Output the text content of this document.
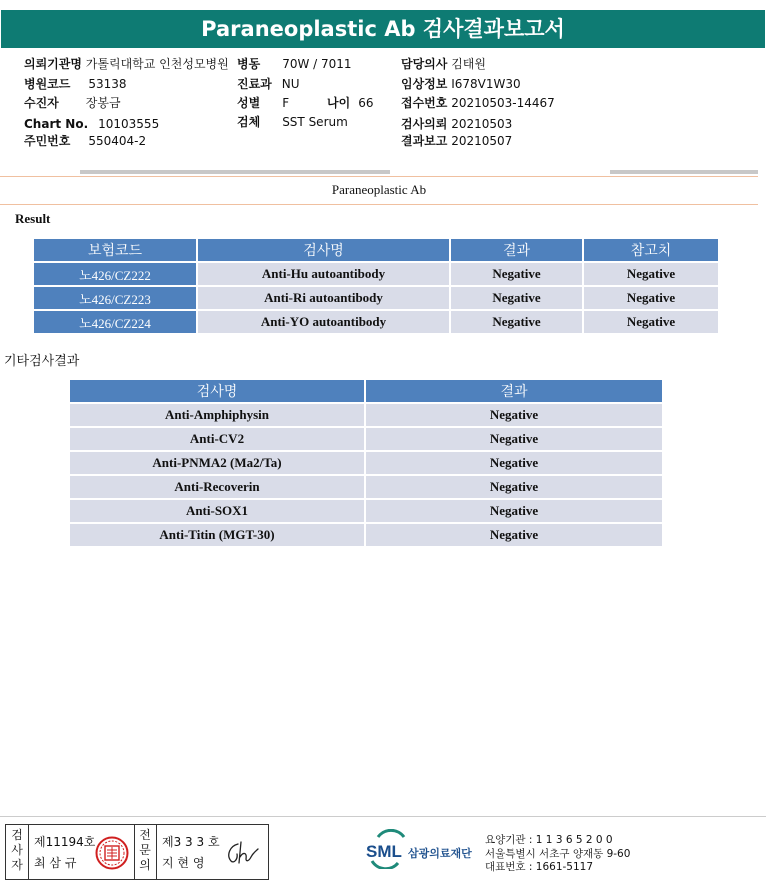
Paraneoplastic Ab 검사결과보고서
의뢰기관명 가톨릭대학교 인천성모병원
병원코드 53138
수진자 장봉금
Chart No. 10103555
주민번호 550404-2
병동 70W / 7011
진료과 NU
성별 F	나이 66
검체 SST Serum
담당의사 김태원
임상정보 I678V1W30
접수번호 20210503-14467
검사의뢰 20210503
결과보고 20210507
Paraneoplastic Ab
Result
보험코드	검사명	결과	참고치
노426/CZ222	Anti-Hu autoantibody	Negative	Negative
노426/CZ223	Anti-Ri autoantibody	Negative	Negative
노426/CZ224	Anti-YO autoantibody	Negative	Negative
기타검사결과
검사명	결과
Anti-Amphiphysin	Negative
Anti-CV2	Negative
Anti-PNMA2 (Ma2/Ta)	Negative
Anti-Recoverin	Negative
Anti-SOX1	Negative
Anti-Titin (MGT-30)	Negative
검
사
자
제11194호
최 삼 규
전
문
의
제3 3 3 호
지 현 영
SML 삼광의료재단
요양기관 : 1 1 3 6 5 2 0 0
서울특별시 서초구 양재동 9-60
대표번호 : 1661-5117
